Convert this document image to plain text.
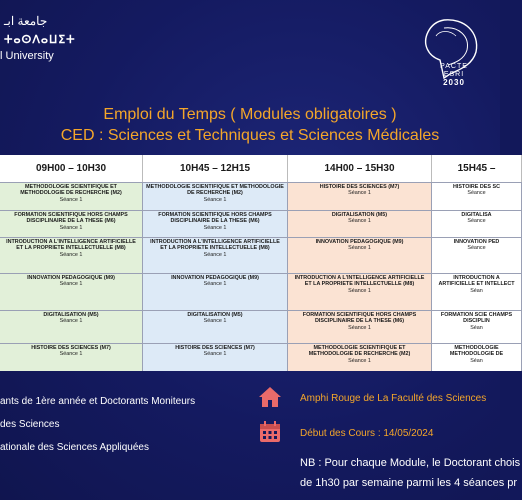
جامعة ابـ
ⵜⴰⵙⴷⴰⵡⵉⵜ
l University
PACTE
ESRI
2030
Emploi du Temps ( Modules obligatoires )
CED : Sciences et Techniques et Sciences Médicales
09H00 – 10H30
METHODOLOGIE SCIENTIFIQUE ET METHODOLOGIE DE RECHERCHE (M2)
Séance 1
FORMATION SCIENTIFIQUE HORS CHAMPS DISCIPLINAIRE DE LA THESE (M6)
Séance 1
INTRODUCTION A L'INTELLIGENCE ARTIFICIELLE ET LA PROPRIETE INTELLECTUELLE (M8)
Séance 1
INNOVATION PEDAGOGIQUE (M9)
Séance 1
DIGITALISATION (M5)
Séance 1
HISTOIRE DES SCIENCES (M7)
Séance 1
10H45 – 12H15
METHODOLOGIE SCIENTIFIQUE ET METHODOLOGIE DE RECHERCHE (M2)
Séance 1
FORMATION SCIENTIFIQUE HORS CHAMPS DISCIPLINAIRE DE LA THESE (M6)
Séance 1
INTRODUCTION A L'INTELLIGENCE ARTIFICIELLE ET LA PROPRIETE INTELLECTUELLE (M8)
Séance 1
INNOVATION PEDAGOGIQUE (M9)
Séance 1
DIGITALISATION (M5)
Séance 1
HISTOIRE DES SCIENCES (M7)
Séance 1
14H00 – 15H30
HISTOIRE DES SCIENCES (M7)
Séance 1
DIGITALISATION (M5)
Séance 1
INNOVATION PEDAGOGIQUE (M9)
Séance 1
INTRODUCTION A L'INTELLIGENCE ARTIFICIELLE ET LA PROPRIETE INTELLECTUELLE (M8)
Séance 1
FORMATION SCIENTIFIQUE HORS CHAMPS DISCIPLINAIRE DE LA THESE (M6)
Séance 1
METHODOLOGIE SCIENTIFIQUE ET METHODOLOGIE DE RECHERCHE (M2)
Séance 1
15H45 –
HISTOIRE DES SC
Séance
DIGITALISA
Séance
INNOVATION PED
Séance
INTRODUCTION A ARTIFICIELLE ET INTELLECT
Séan
FORMATION SCIE CHAMPS DISCIPLIN
Séan
METHODOLOGIE METHODOLOGIE DE
Séan
ants de 1ère année et Doctorants Moniteurs
des Sciences
ationale des Sciences Appliquées
Amphi Rouge de La Faculté des Sciences
Début des Cours : 14/05/2024
NB : Pour chaque Module, le Doctorant chois
de 1h30 par semaine parmi les 4 séances pr
